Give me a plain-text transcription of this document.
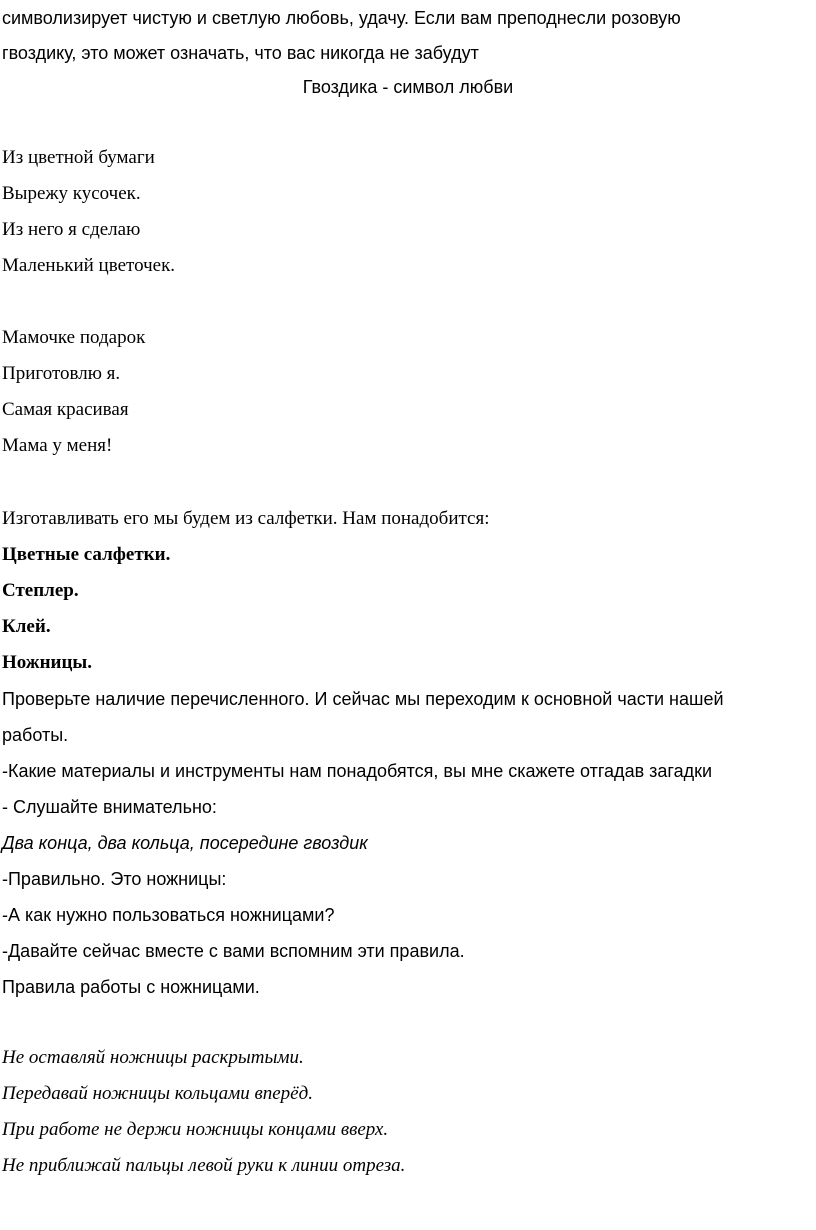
символизирует чистую и светлую любовь, удачу. Если вам преподнесли розовую
гвоздику, это может означать, что вас никогда не забудут
Гвоздика - символ любви
Из цветной бумаги
Вырежу кусочек.
Из него я сделаю
Маленький цветочек.
Мамочке подарок
Приготовлю я.
Самая красивая
Мама у меня!
Изготавливать его мы будем из салфетки. Нам понадобится:
Цветные салфетки.
Степлер.
Клей.
Ножницы.
Проверьте наличие перечисленного. И сейчас мы переходим к основной части нашей
работы.
-Какие материалы и инструменты нам понадобятся, вы мне скажете отгадав загадки
- Слушайте внимательно:
Два конца, два кольца, посередине гвоздик
-Правильно. Это ножницы:
-А как нужно пользоваться ножницами?
-Давайте сейчас вместе с вами вспомним эти правила.
Правила работы с ножницами.
Не оставляй ножницы раскрытыми.
Передавай ножницы кольцами вперёд.
При работе не держи ножницы концами вверх.
Не приближай пальцы левой руки к линии отреза.
